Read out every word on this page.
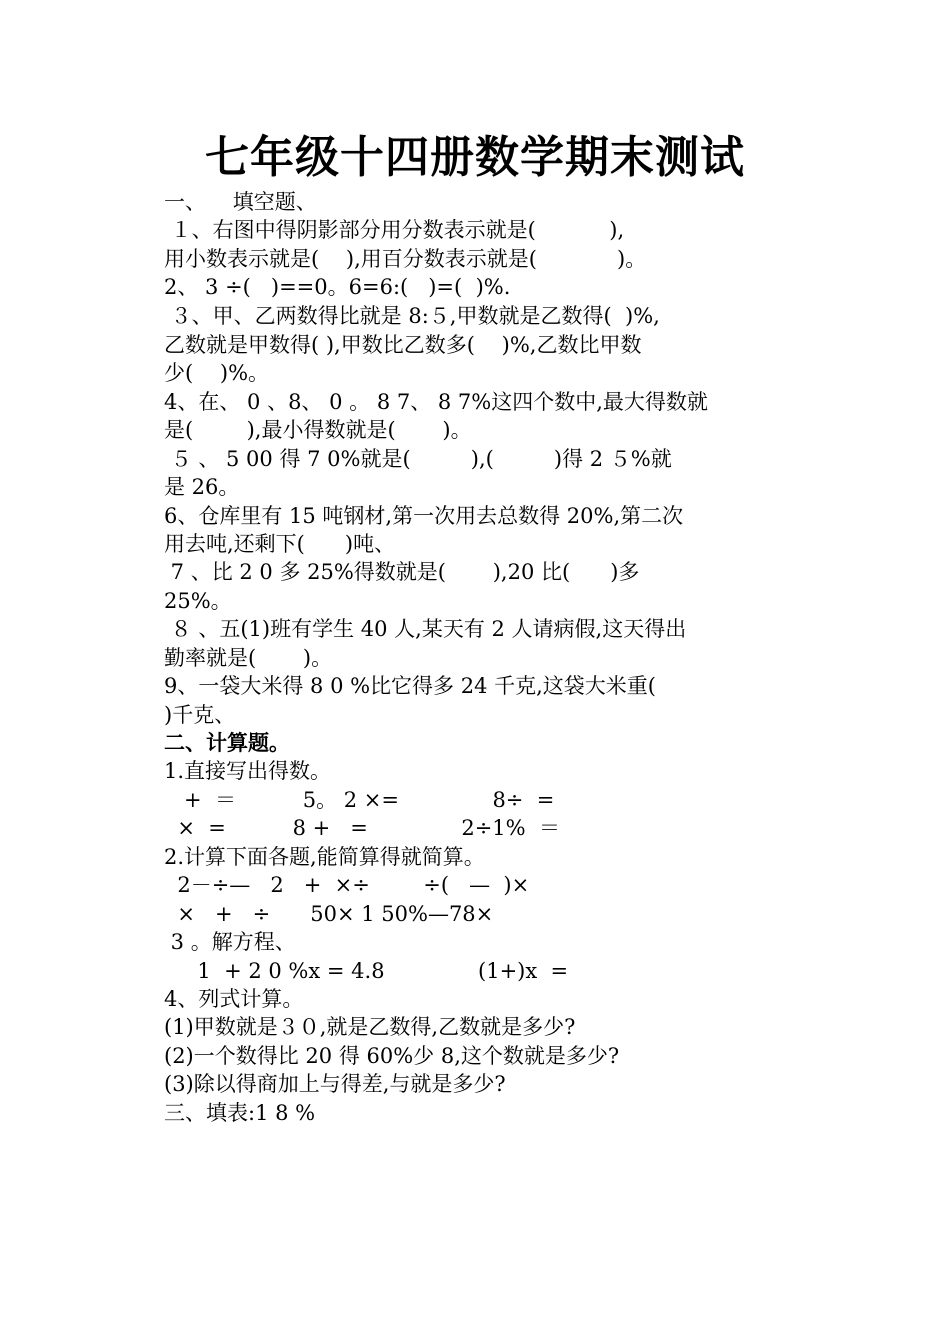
七年级十四册数学期末测试
一、    填空题、
１、右图中得阴影部分用分数表示就是(           ),
用小数表示就是(    ),用百分数表示就是(            )。
2、 3 ÷(   )==0。6=6:(   )=(  )%.
３、甲、乙两数得比就是 8:５,甲数就是乙数得(  )%,
乙数就是甲数得( ),甲数比乙数多(    )%,乙数比甲数
少(    )%。
4、在、 0 、8、 0 。 8 7、 8 7%这四个数中,最大得数就
是(        ),最小得数就是(       )。
５ 、 5 00 得 7 0%就是(         ),(         )得 2 ５%就
是 26。
6、仓库里有 15 吨钢材,第一次用去总数得 20%,第二次
用去吨,还剩下(      )吨、
7 、比 2 0 多 25%得数就是(       ),20 比(      )多
25%。
８ 、五(1)班有学生 40 人,某天有 2 人请病假,这天得出
勤率就是(       )。
9、一袋大米得 8 0 %比它得多 24 千克,这袋大米重(
)千克、
二、计算题。
1.直接写出得数。
+  ＝          5。 2 ×=              8÷  =
×  =          8 +   =              2÷1%  ＝
2.计算下面各题,能简算得就简算。
2－÷—   2   +  ×÷        ÷(   —  )×
×   +   ÷      50× 1 50%—78×
3 。解方程、
1  + 2 0 %x = 4.8              (1+)x  =
4、列式计算。
(1)甲数就是３０,就是乙数得,乙数就是多少?
(2)一个数得比 20 得 60%少 8,这个数就是多少?
(3)除以得商加上与得差,与就是多少?
三、填表:1 8 %
